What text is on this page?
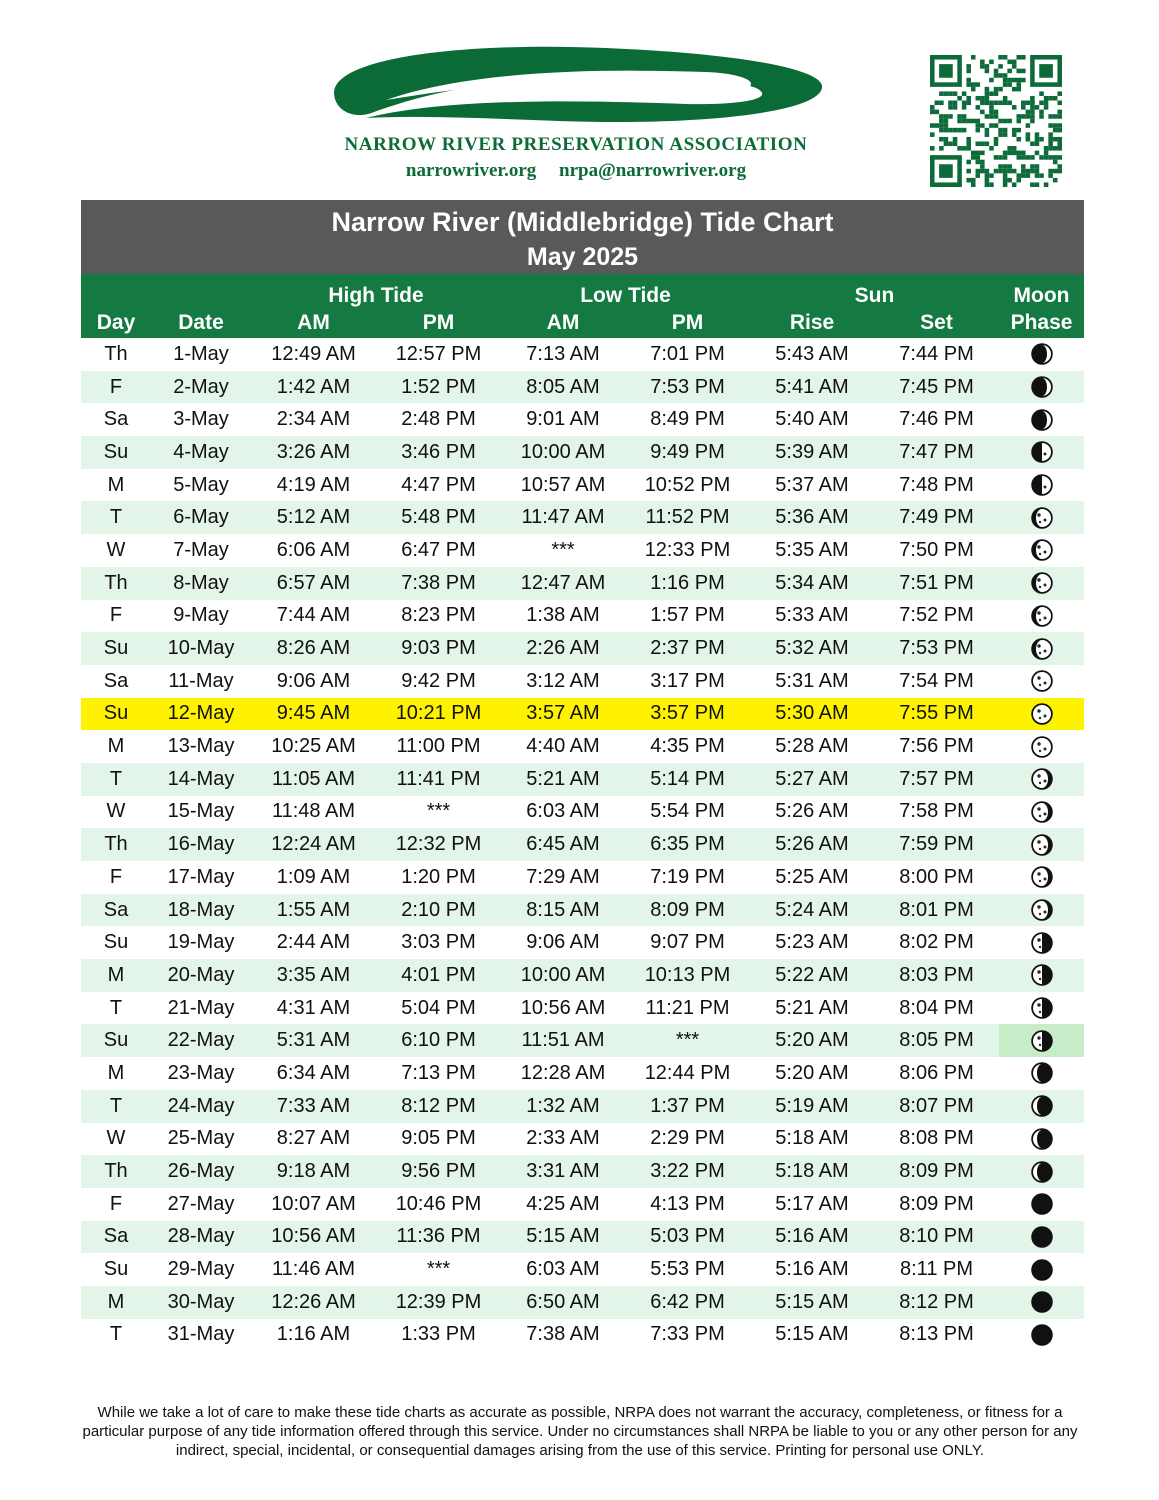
NARROW RIVER PRESERVATION ASSOCIATION
narrowriver.org nrpa@narrowriver.org
Narrow River (Middlebridge) Tide Chart
May 2025
		High Tide		Low Tide		Sun		Moon
Day	Date	AM	PM	AM	PM	Rise	Set	Phase
Th	1-May	12:49 AM	12:57 PM	7:13 AM	7:01 PM	5:43 AM	7:44 PM	

F	2-May	1:42 AM	1:52 PM	8:05 AM	7:53 PM	5:41 AM	7:45 PM	

Sa	3-May	2:34 AM	2:48 PM	9:01 AM	8:49 PM	5:40 AM	7:46 PM	

Su	4-May	3:26 AM	3:46 PM	10:00 AM	9:49 PM	5:39 AM	7:47 PM	

M	5-May	4:19 AM	4:47 PM	10:57 AM	10:52 PM	5:37 AM	7:48 PM	

T	6-May	5:12 AM	5:48 PM	11:47 AM	11:52 PM	5:36 AM	7:49 PM	

W	7-May	6:06 AM	6:47 PM	***	12:33 PM	5:35 AM	7:50 PM	

Th	8-May	6:57 AM	7:38 PM	12:47 AM	1:16 PM	5:34 AM	7:51 PM	

F	9-May	7:44 AM	8:23 PM	1:38 AM	1:57 PM	5:33 AM	7:52 PM	

Su	10-May	8:26 AM	9:03 PM	2:26 AM	2:37 PM	5:32 AM	7:53 PM	

Sa	11-May	9:06 AM	9:42 PM	3:12 AM	3:17 PM	5:31 AM	7:54 PM	

Su	12-May	9:45 AM	10:21 PM	3:57 AM	3:57 PM	5:30 AM	7:55 PM	

M	13-May	10:25 AM	11:00 PM	4:40 AM	4:35 PM	5:28 AM	7:56 PM	

T	14-May	11:05 AM	11:41 PM	5:21 AM	5:14 PM	5:27 AM	7:57 PM	

W	15-May	11:48 AM	***	6:03 AM	5:54 PM	5:26 AM	7:58 PM	

Th	16-May	12:24 AM	12:32 PM	6:45 AM	6:35 PM	5:26 AM	7:59 PM	

F	17-May	1:09 AM	1:20 PM	7:29 AM	7:19 PM	5:25 AM	8:00 PM	

Sa	18-May	1:55 AM	2:10 PM	8:15 AM	8:09 PM	5:24 AM	8:01 PM	

Su	19-May	2:44 AM	3:03 PM	9:06 AM	9:07 PM	5:23 AM	8:02 PM	

M	20-May	3:35 AM	4:01 PM	10:00 AM	10:13 PM	5:22 AM	8:03 PM	

T	21-May	4:31 AM	5:04 PM	10:56 AM	11:21 PM	5:21 AM	8:04 PM	

Su	22-May	5:31 AM	6:10 PM	11:51 AM	***	5:20 AM	8:05 PM	

M	23-May	6:34 AM	7:13 PM	12:28 AM	12:44 PM	5:20 AM	8:06 PM	

T	24-May	7:33 AM	8:12 PM	1:32 AM	1:37 PM	5:19 AM	8:07 PM	

W	25-May	8:27 AM	9:05 PM	2:33 AM	2:29 PM	5:18 AM	8:08 PM	

Th	26-May	9:18 AM	9:56 PM	3:31 AM	3:22 PM	5:18 AM	8:09 PM	

F	27-May	10:07 AM	10:46 PM	4:25 AM	4:13 PM	5:17 AM	8:09 PM	

Sa	28-May	10:56 AM	11:36 PM	5:15 AM	5:03 PM	5:16 AM	8:10 PM	

Su	29-May	11:46 AM	***	6:03 AM	5:53 PM	5:16 AM	8:11 PM	

M	30-May	12:26 AM	12:39 PM	6:50 AM	6:42 PM	5:15 AM	8:12 PM	

T	31-May	1:16 AM	1:33 PM	7:38 AM	7:33 PM	5:15 AM	8:13 PM	
While we take a lot of care to make these tide charts as accurate as possible, NRPA does not warrant the accuracy, completeness, or fitness for a particular purpose of any tide information offered through this service. Under no circumstances shall NRPA be liable to you or any other person for any indirect, special, incidental, or consequential damages arising from the use of this service. Printing for personal use ONLY.
